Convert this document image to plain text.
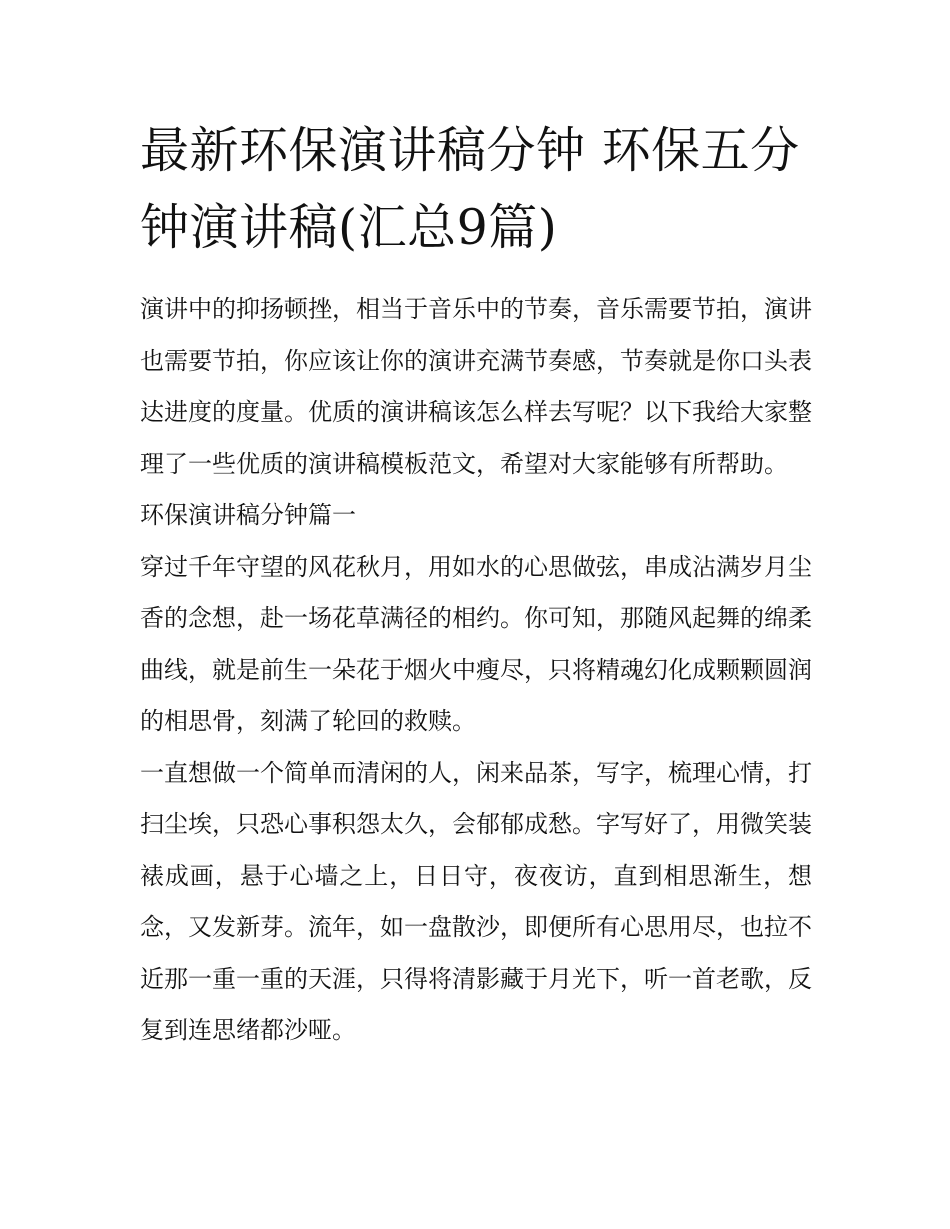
最新环保演讲稿分钟 环保五分钟演讲稿(汇总9篇)

演讲中的抑扬顿挫，相当于音乐中的节奏，音乐需要节拍，演讲也需要节拍，你应该让你的演讲充满节奏感，节奏就是你口头表达进度的度量。优质的演讲稿该怎么样去写呢？以下我给大家整理了一些优质的演讲稿模板范文，希望对大家能够有所帮助。

环保演讲稿分钟篇一

穿过千年守望的风花秋月，用如水的心思做弦，串成沾满岁月尘香的念想，赴一场花草满径的相约。你可知，那随风起舞的绵柔曲线，就是前生一朵花于烟火中瘦尽，只将精魂幻化成颗颗圆润的相思骨，刻满了轮回的救赎。

一直想做一个简单而清闲的人，闲来品茶，写字，梳理心情，打扫尘埃，只恐心事积怨太久，会郁郁成愁。字写好了，用微笑装裱成画，悬于心墙之上，日日守，夜夜访，直到相思渐生，想念，又发新芽。流年，如一盘散沙，即便所有心思用尽，也拉不近那一重一重的天涯，只得将清影藏于月光下，听一首老歌，反复到连思绪都沙哑。
